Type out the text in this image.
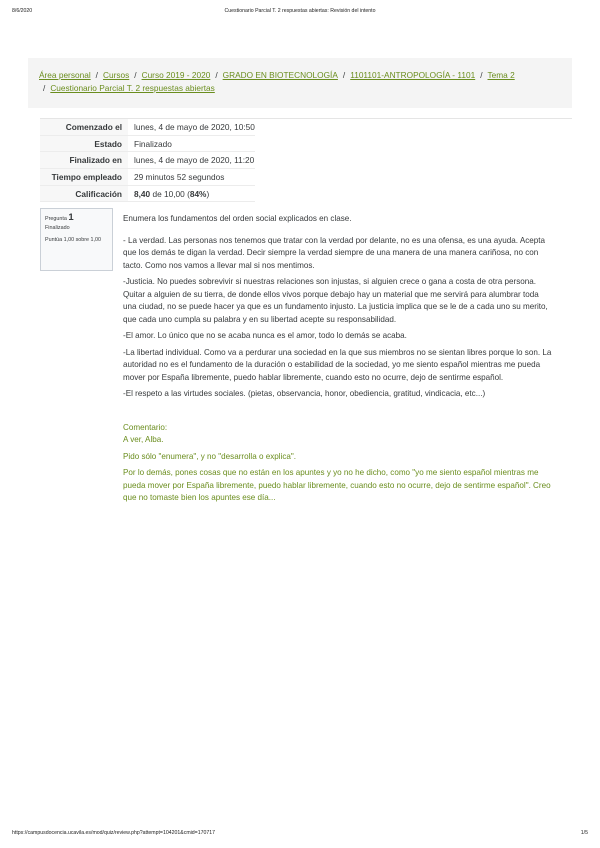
8/6/2020	Cuestionario Parcial T. 2 respuestas abiertas: Revisión del intento
Área personal / Cursos / Curso 2019 - 2020 / GRADO EN BIOTECNOLOGÍA / 1101101-ANTROPOLOGÍA - 1101 / Tema 2
/ Cuestionario Parcial T. 2 respuestas abiertas
Comenzado el	lunes, 4 de mayo de 2020, 10:50
Estado	Finalizado
Finalizado en	lunes, 4 de mayo de 2020, 11:20
Tiempo empleado	29 minutos 52 segundos
Calificación	8,40 de 10,00 (84%)
Pregunta 1
Finalizado
Puntúa 1,00 sobre 1,00

Enumera los fundamentos del orden social explicados en clase.

- La verdad. Las personas nos tenemos que tratar con la verdad por delante, no es una ofensa, es una ayuda. Acepta que los demás te digan la verdad. Decir siempre la verdad siempre de una manera de una manera cariñosa, no con tacto. Como nos vamos a llevar mal si nos mentimos.

-Justicia. No puedes sobrevivir si nuestras relaciones son injustas, si alguien crece o gana a costa de otra persona. Quitar a alguien de su tierra, de donde ellos vivos porque debajo hay un material que me servirá para alumbrar toda una ciudad, no se puede hacer ya que es un fundamento injusto. La justicia implica que se le de a cada uno su merito, que cada uno cumpla su palabra y en su libertad acepte su responsabilidad.

-El amor. Lo único que no se acaba nunca es el amor, todo lo demás se acaba.

-La libertad individual. Como va a perdurar una sociedad en la que sus miembros no se sientan libres porque lo son. La autoridad no es el fundamento de la duración o estabilidad de la sociedad, yo me siento español mientras me pueda mover por España libremente, puedo hablar libremente, cuando esto no ocurre, dejo de sentirme español.

-El respeto a las virtudes sociales. (pietas, observancia, honor, obediencia, gratitud, vindicacia, etc...)

Comentario:

A ver, Alba.

Pido sólo "enumera", y no "desarrolla o explica".

Por lo demás, pones cosas que no están en los apuntes y yo no he dicho, como "yo me siento español mientras me pueda mover por España libremente, puedo hablar libremente, cuando esto no ocurre, dejo de sentirme español". Creo que no tomaste bien los apuntes ese día...

https://campusdocencia.ucavila.es/mod/quiz/review.php?attempt=104201&cmid=170717	1/5
